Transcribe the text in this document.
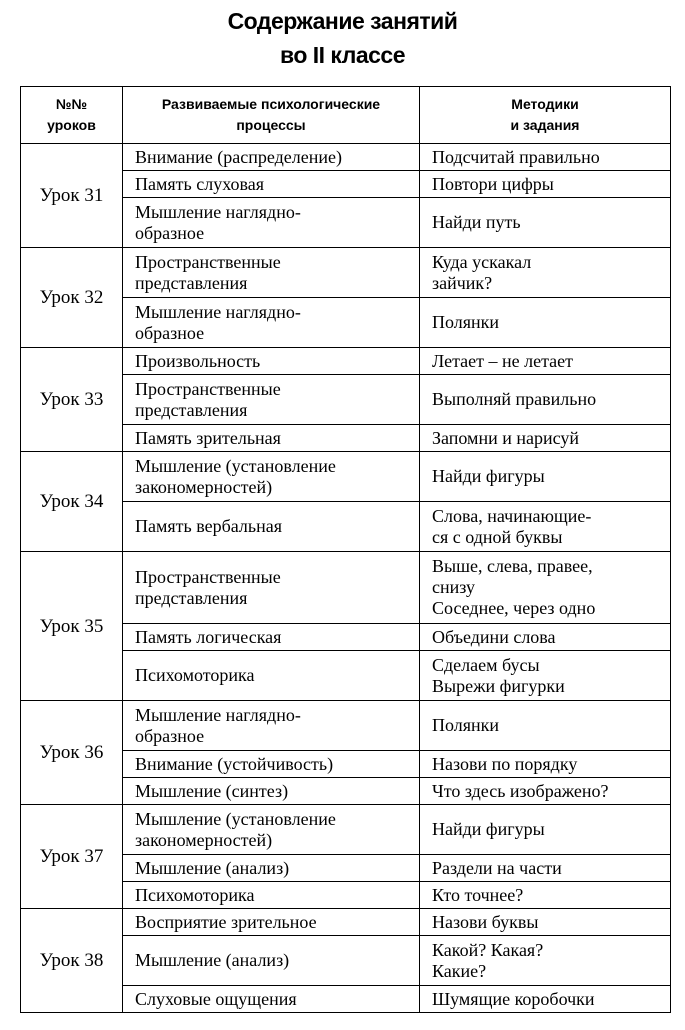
Содержание занятий
во II классе
№№
уроков	Развиваемые психологические
процессы	Методики
и задания

Урок 31	Внимание (распределение)	Подсчитай правильно

	Память слуховая	Повтори цифры

	Мышление наглядно-
образное	Найди путь

Урок 32	Пространственные
представления	Куда ускакал
зайчик?

	Мышление наглядно-
образное	Полянки

Урок 33	Произвольность	Летает – не летает

	Пространственные
представления	Выполняй правильно

	Память зрительная	Запомни и нарисуй

Урок 34	Мышление (установление
закономерностей)	Найди фигуры

	Память вербальная	Слова, начинающие-
ся с одной буквы

Урок 35	Пространственные
представления	Выше, слева, правее,
снизу
Соседнее, через одно

	Память логическая	Объедини слова

	Психомоторика	Сделаем бусы
Вырежи фигурки

Урок 36	Мышление наглядно-
образное	Полянки

	Внимание (устойчивость)	Назови по порядку

	Мышление (синтез)	Что здесь изображено?

Урок 37	Мышление (установление
закономерностей)	Найди фигуры

	Мышление (анализ)	Раздели на части

	Психомоторика	Кто точнее?

Урок 38	Восприятие зрительное	Назови буквы

	Мышление (анализ)	Какой? Какая?
Какие?

	Слуховые ощущения	Шумящие коробочки
